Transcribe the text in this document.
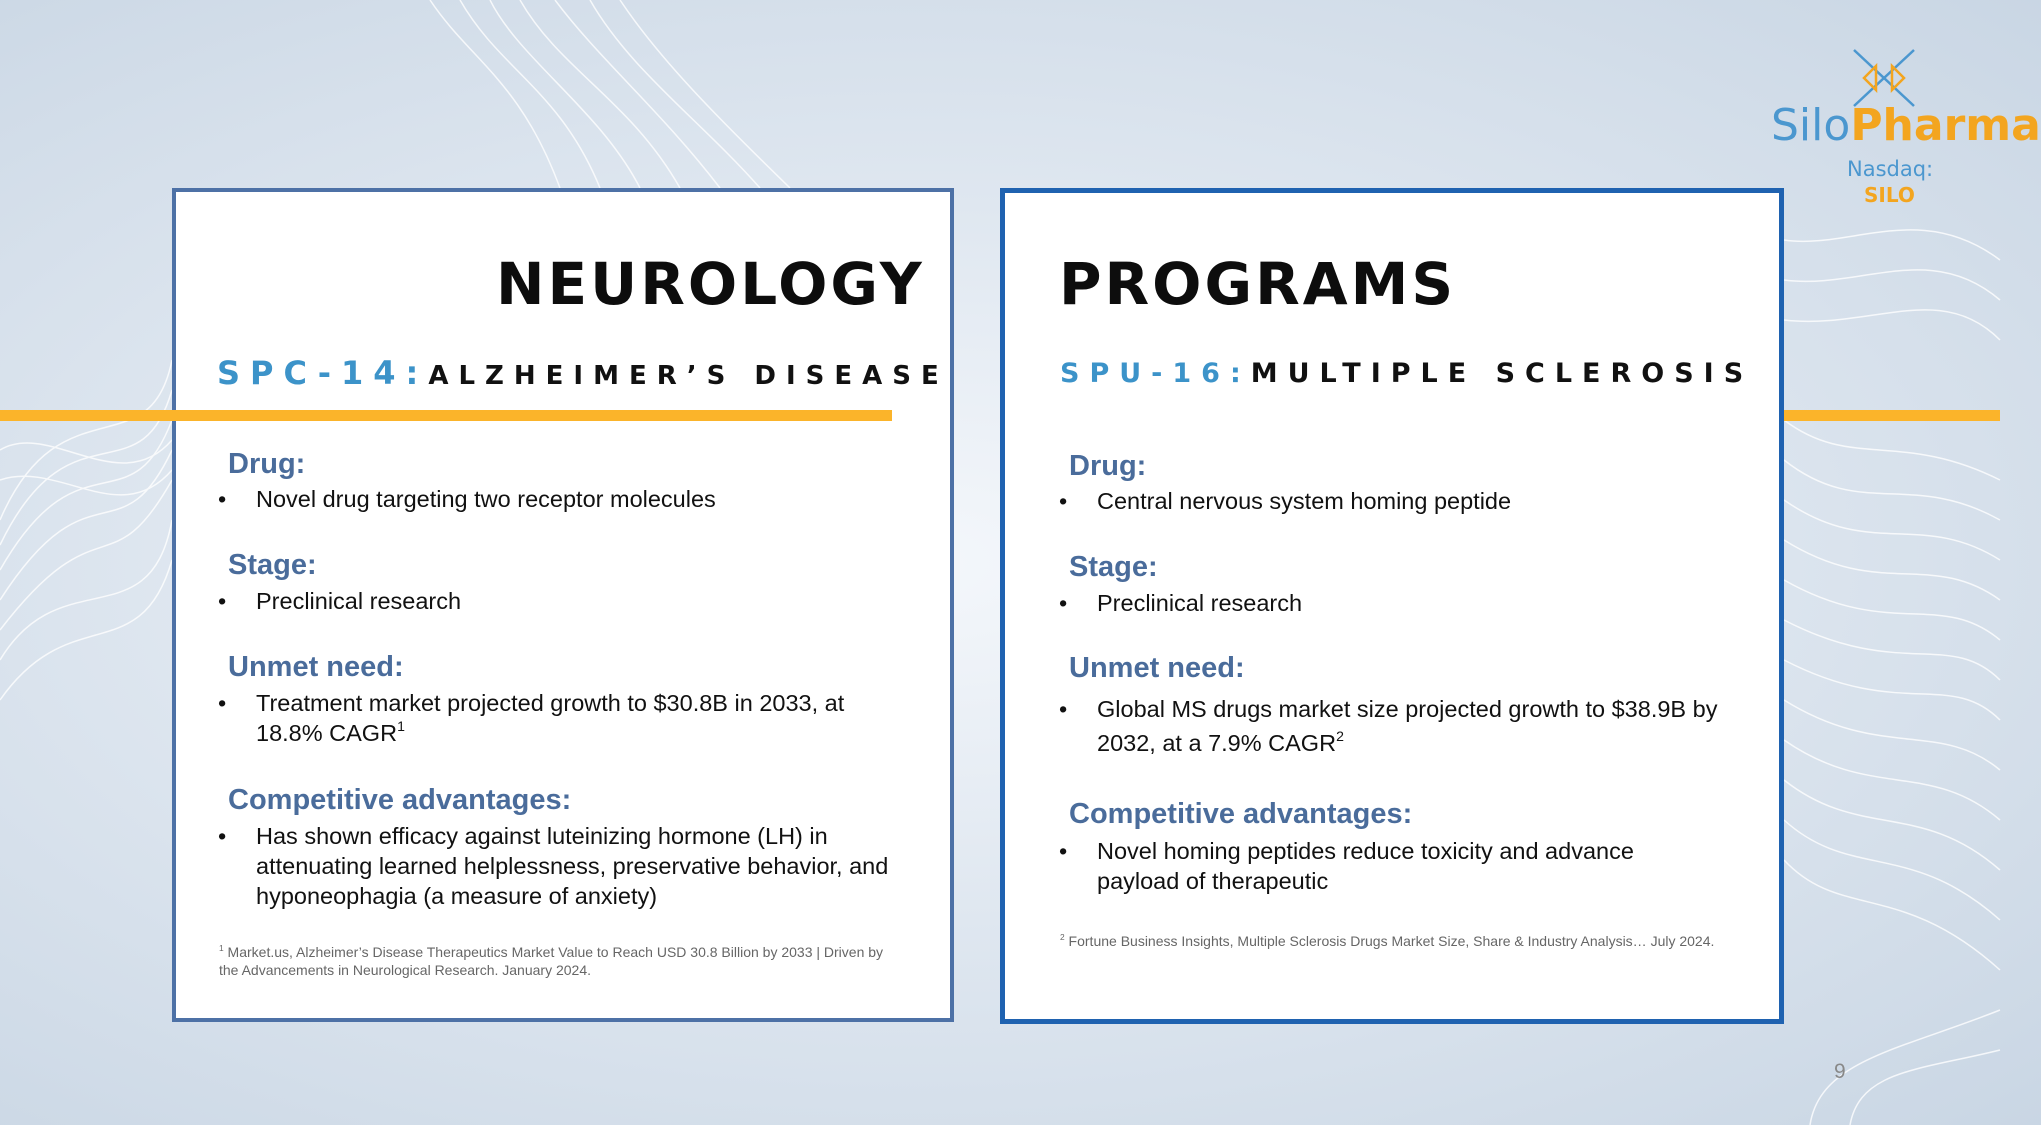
NEUROLOGY
SPC-14:ALZHEIMER’S DISEASE
Drug:
•	Novel drug targeting two receptor molecules
Stage:
•	Preclinical research
Unmet need:
•	Treatment market projected growth to $30.8B in 2033, at 18.8% CAGR$^1$
Competitive advantages:
•	Has shown efficacy against luteinizing hormone (LH) in attenuating learned helplessness, preservative behavior, and hyponeophagia (a measure of anxiety)
$^1$ Market.us, Alzheimer’s Disease Therapeutics Market Value to Reach USD 30.8 Billion by 2033 | Driven by the Advancements in Neurological Research. January 2024.
PROGRAMS
SPU-16:MULTIPLE SCLEROSIS
Drug:
•	Central nervous system homing peptide
Stage:
•	Preclinical research
Unmet need:
•	Global MS drugs market size projected growth to $38.9B by 2032, at a 7.9% CAGR$^2$
Competitive advantages:
•	Novel homing peptides reduce toxicity and advance payload of therapeutic
$^2$ Fortune Business Insights, Multiple Sclerosis Drugs Market Size, Share & Industry Analysis… July 2024.
SiloPharma
Nasdaq:
SILO
9
